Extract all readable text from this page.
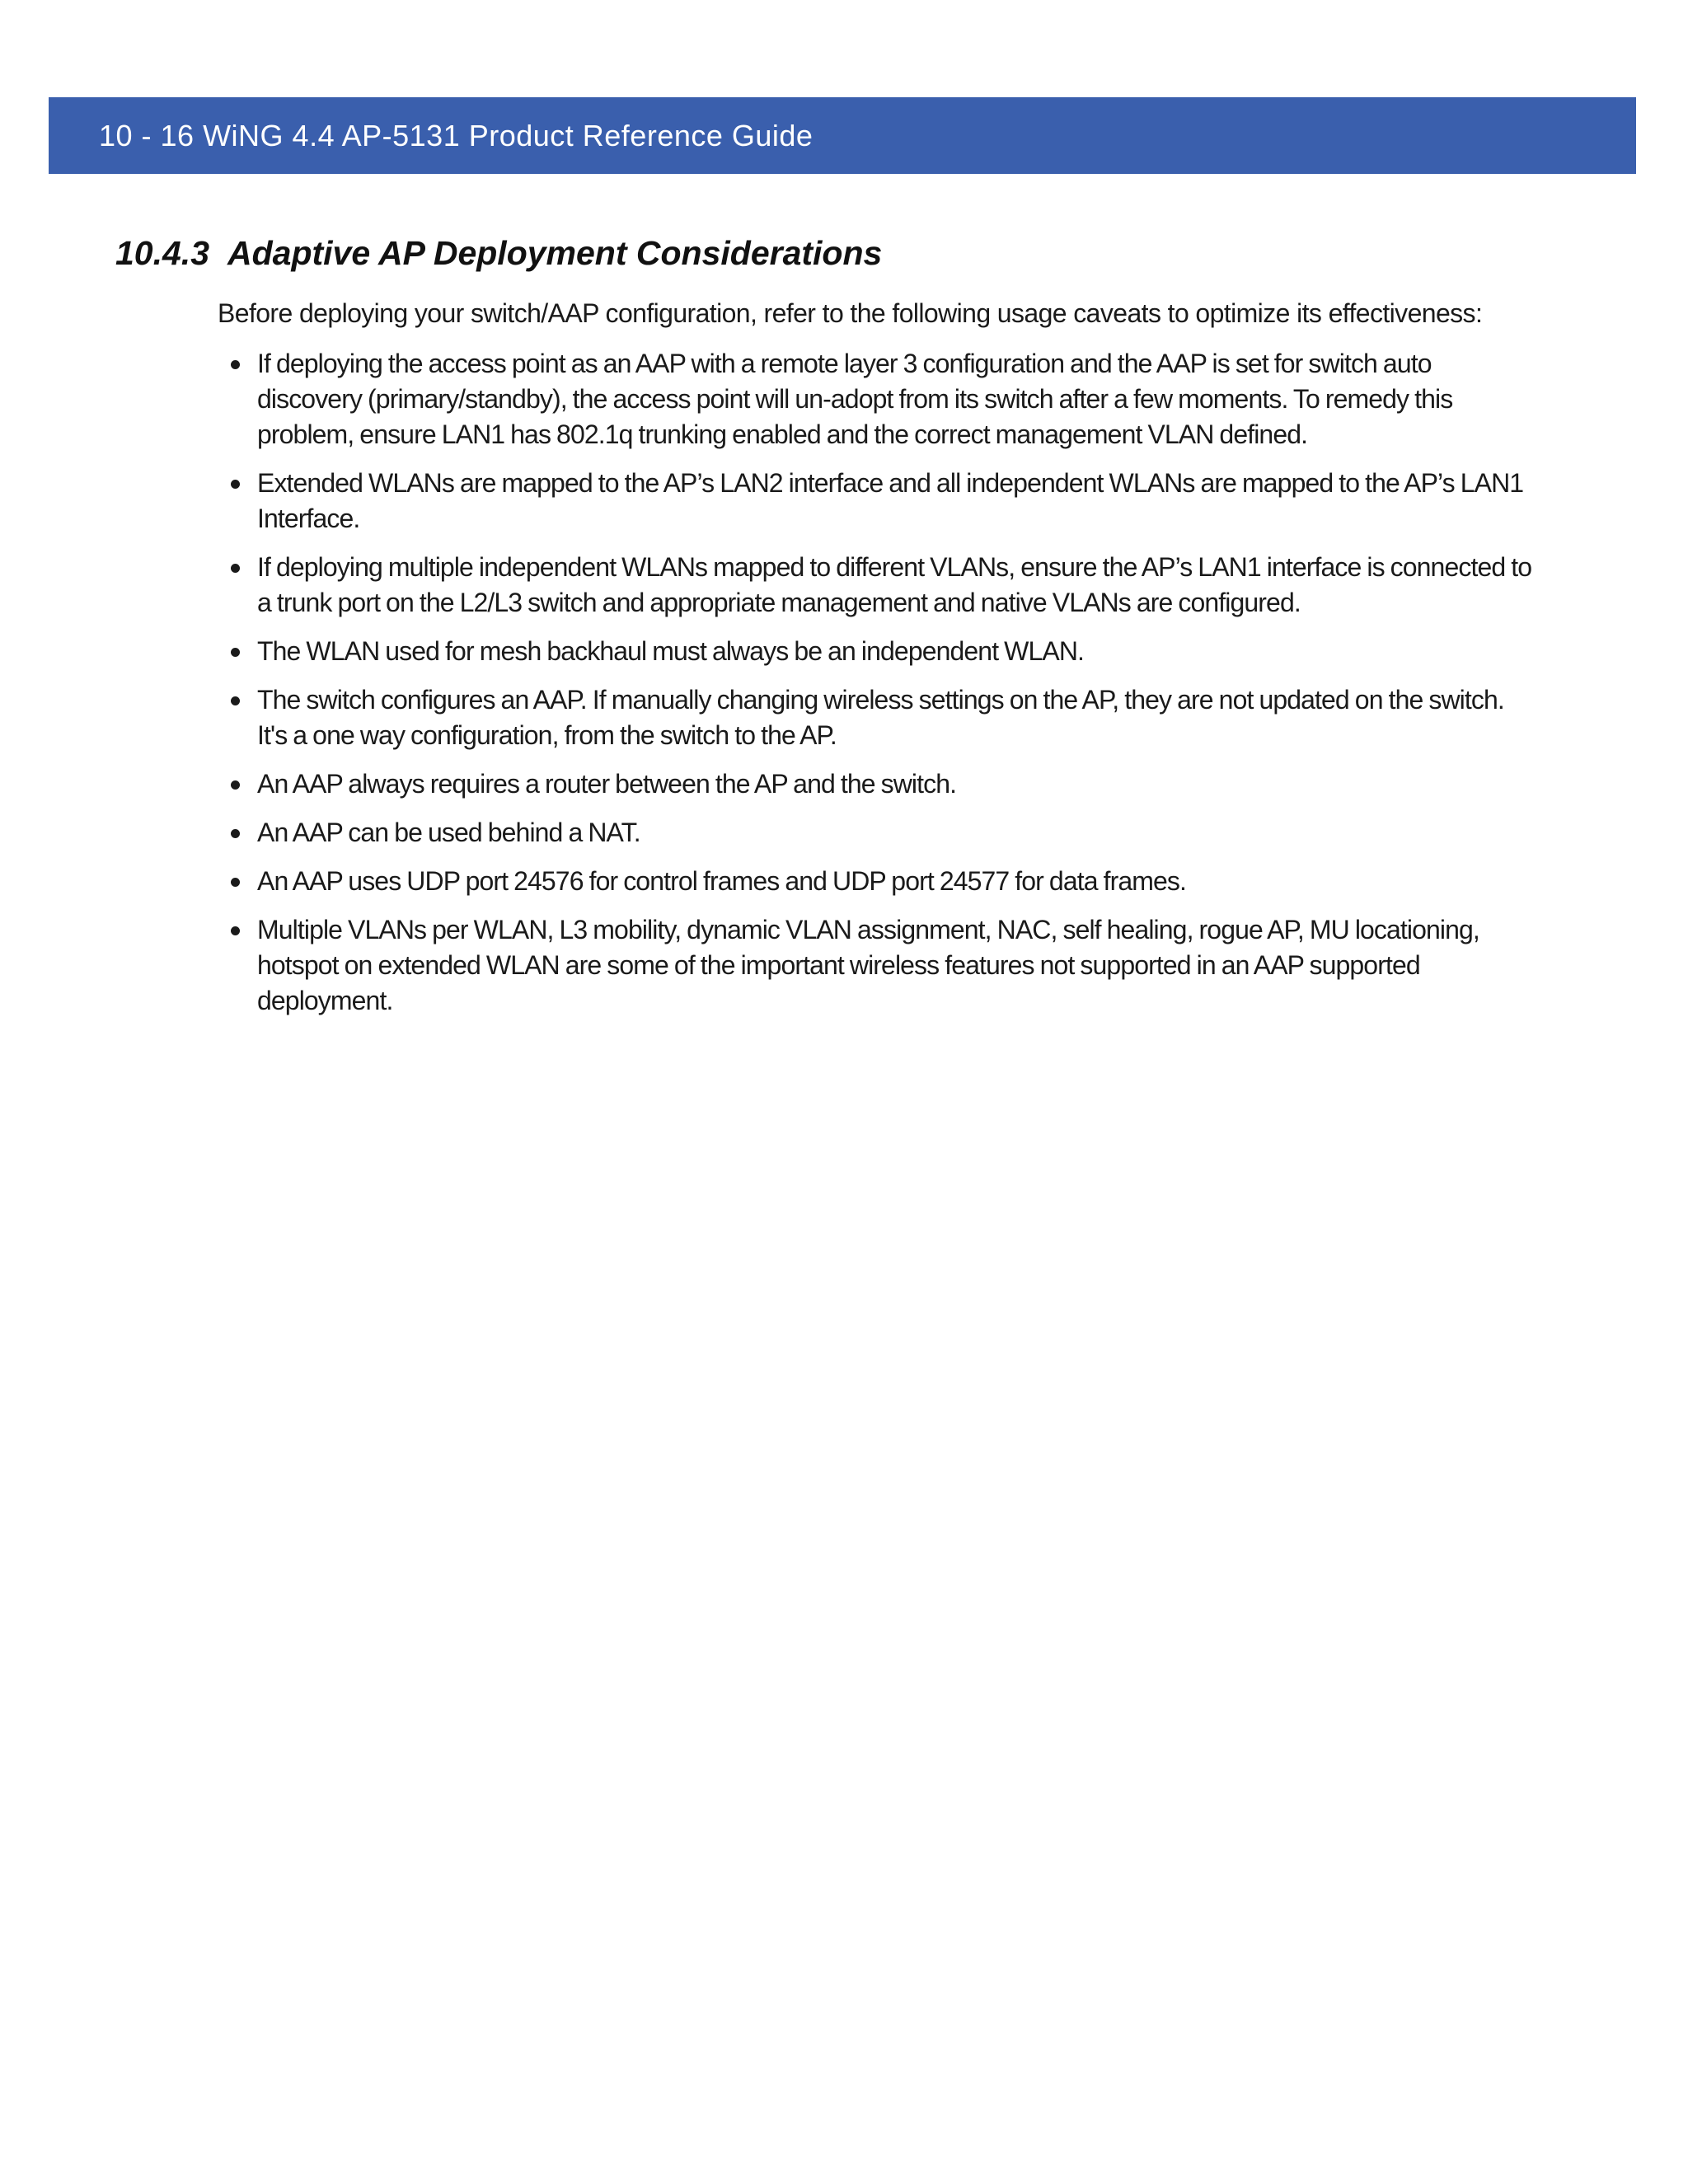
10 - 16 WiNG 4.4 AP-5131 Product Reference Guide
10.4.3 Adaptive AP Deployment Considerations

Before deploying your switch/AAP configuration, refer to the following usage caveats to optimize its effectiveness:

If deploying the access point as an AAP with a remote layer 3 configuration and the AAP is set for switch auto discovery (primary/standby), the access point will un-adopt from its switch after a few moments. To remedy this problem, ensure LAN1 has 802.1q trunking enabled and the correct management VLAN defined.
Extended WLANs are mapped to the AP’s LAN2 interface and all independent WLANs are mapped to the AP’s LAN1 Interface.
If deploying multiple independent WLANs mapped to different VLANs, ensure the AP’s LAN1 interface is connected to a trunk port on the L2/L3 switch and appropriate management and native VLANs are configured.
The WLAN used for mesh backhaul must always be an independent WLAN.
The switch configures an AAP. If manually changing wireless settings on the AP, they are not updated on the switch. It's a one way configuration, from the switch to the AP.
An AAP always requires a router between the AP and the switch.
An AAP can be used behind a NAT.
An AAP uses UDP port 24576 for control frames and UDP port 24577 for data frames.
Multiple VLANs per WLAN, L3 mobility, dynamic VLAN assignment, NAC, self healing, rogue AP, MU locationing, hotspot on extended WLAN are some of the important wireless features not supported in an AAP supported deployment.
